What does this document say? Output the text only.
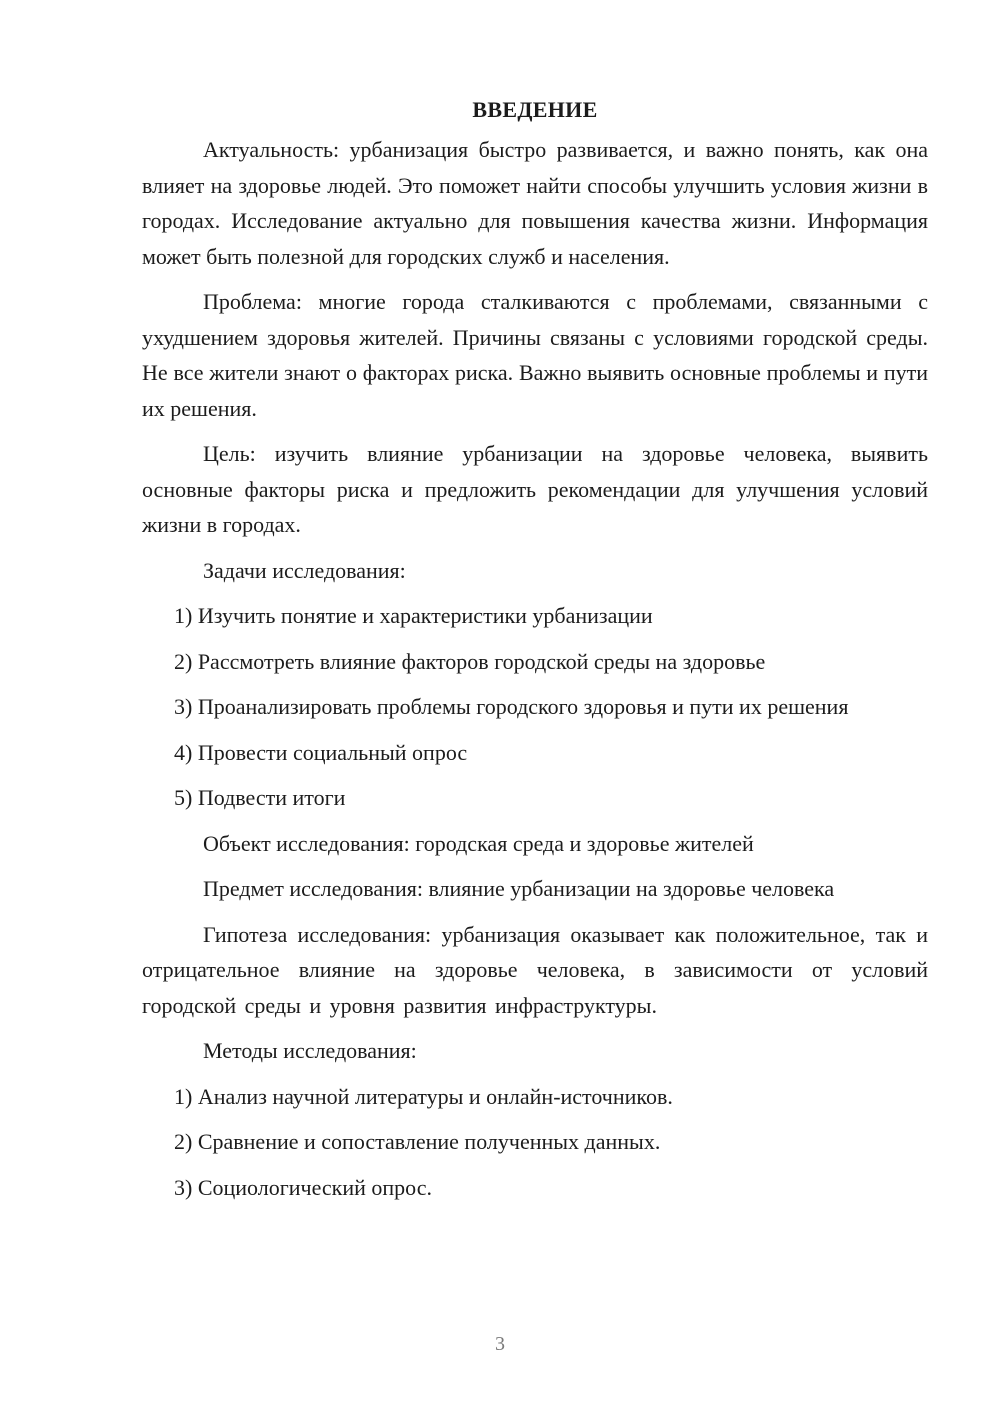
ВВЕДЕНИЕ

Актуальность: урбанизация быстро развивается, и важно понять, как она влияет на здоровье людей. Это поможет найти способы улучшить условия жизни в городах. Исследование актуально для повышения качества жизни. Информация может быть полезной для городских служб и населения.

Проблема: многие города сталкиваются с проблемами, связанными с ухудшением здоровья жителей. Причины связаны с условиями городской среды. Не все жители знают о факторах риска. Важно выявить основные проблемы и пути их решения.

Цель: изучить влияние урбанизации на здоровье человека, выявить основные факторы риска и предложить рекомендации для улучшения условий жизни в городах.

Задачи исследования:

1) Изучить понятие и характеристики урбанизации

2) Рассмотреть влияние факторов городской среды на здоровье

3) Проанализировать проблемы городского здоровья и пути их решения

4) Провести социальный опрос

5) Подвести итоги

Объект исследования: городская среда и здоровье жителей

Предмет исследования: влияние урбанизации на здоровье человека

Гипотеза исследования: урбанизация оказывает как положительное, так и отрицательное влияние на здоровье человека, в зависимости от условий городской среды и уровня развития инфраструктуры.

Методы исследования:

1) Анализ научной литературы и онлайн-источников.

2) Сравнение и сопоставление полученных данных.

3) Социологический опрос.

3
